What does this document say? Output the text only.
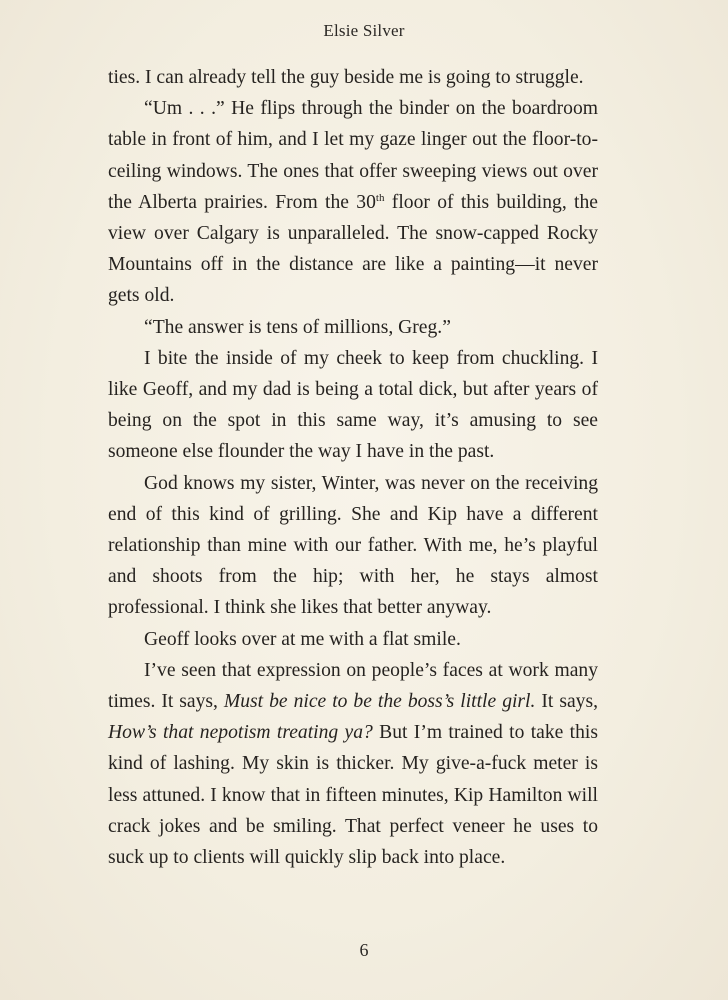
Elsie Silver

ties. I can already tell the guy beside me is going to struggle.

“Um . . .” He flips through the binder on the boardroom table in front of him, and I let my gaze linger out the floor-to-ceiling windows. The ones that offer sweeping views out over the Alberta prairies. From the 30th floor of this building, the view over Calgary is unparalleled. The snow-capped Rocky Mountains off in the distance are like a painting—it never gets old.

“The answer is tens of millions, Greg.”

I bite the inside of my cheek to keep from chuckling. I like Geoff, and my dad is being a total dick, but after years of being on the spot in this same way, it’s amusing to see someone else flounder the way I have in the past.

God knows my sister, Winter, was never on the receiving end of this kind of grilling. She and Kip have a different relationship than mine with our father. With me, he’s playful and shoots from the hip; with her, he stays almost professional. I think she likes that better anyway.

Geoff looks over at me with a flat smile.

I’ve seen that expression on people’s faces at work many times. It says, Must be nice to be the boss’s little girl. It says, How’s that nepotism treating ya? But I’m trained to take this kind of lashing. My skin is thicker. My give-a-fuck meter is less attuned. I know that in fifteen minutes, Kip Hamilton will crack jokes and be smiling. That perfect veneer he uses to suck up to clients will quickly slip back into place.

6
